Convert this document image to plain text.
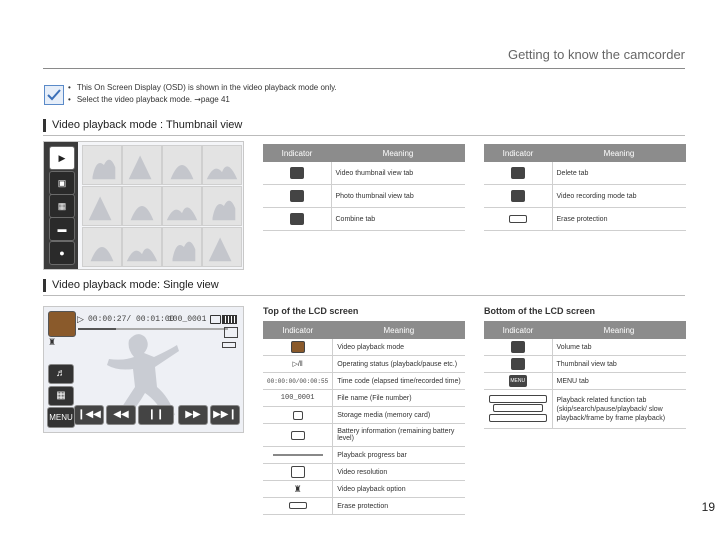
Getting to know the camcorder
• This On Screen Display (OSD) is shown in the video playback mode only.
• Select the video playback mode. ➞page 41
Video playback mode : Thumbnail view
▶
▣
▦
▬
●
Indicator	Meaning
	Video thumbnail view tab
	Photo thumbnail view tab
	Combine tab
Indicator	Meaning
	Delete tab
	Video recording mode tab
	Erase protection
Video playback mode: Single view
▷ 00:00:27/ 00:01:00
100_0001
♜
♬
▦
MENU ❙◀◀	◀◀	❙❙	▶▶	▶▶❙
Top of the LCD screen	Bottom of the LCD screen
Indicator	Meaning
	Video playback mode
▷/‖	Operating status (playback/pause etc.)
00:00:00/00:00:55	Time code (elapsed time/recorded time)
100_0001	File name (File number)
	Storage media (memory card)
	Battery information (remaining battery level)
	Playback progress bar
	Video resolution
♜	Video playback option
	Erase protection
Indicator	Meaning
	Volume tab
	Thumbnail view tab
MENU	MENU tab

	Playback related function tab (skip/search/pause/playback/ slow playback/frame by frame playback)
19
